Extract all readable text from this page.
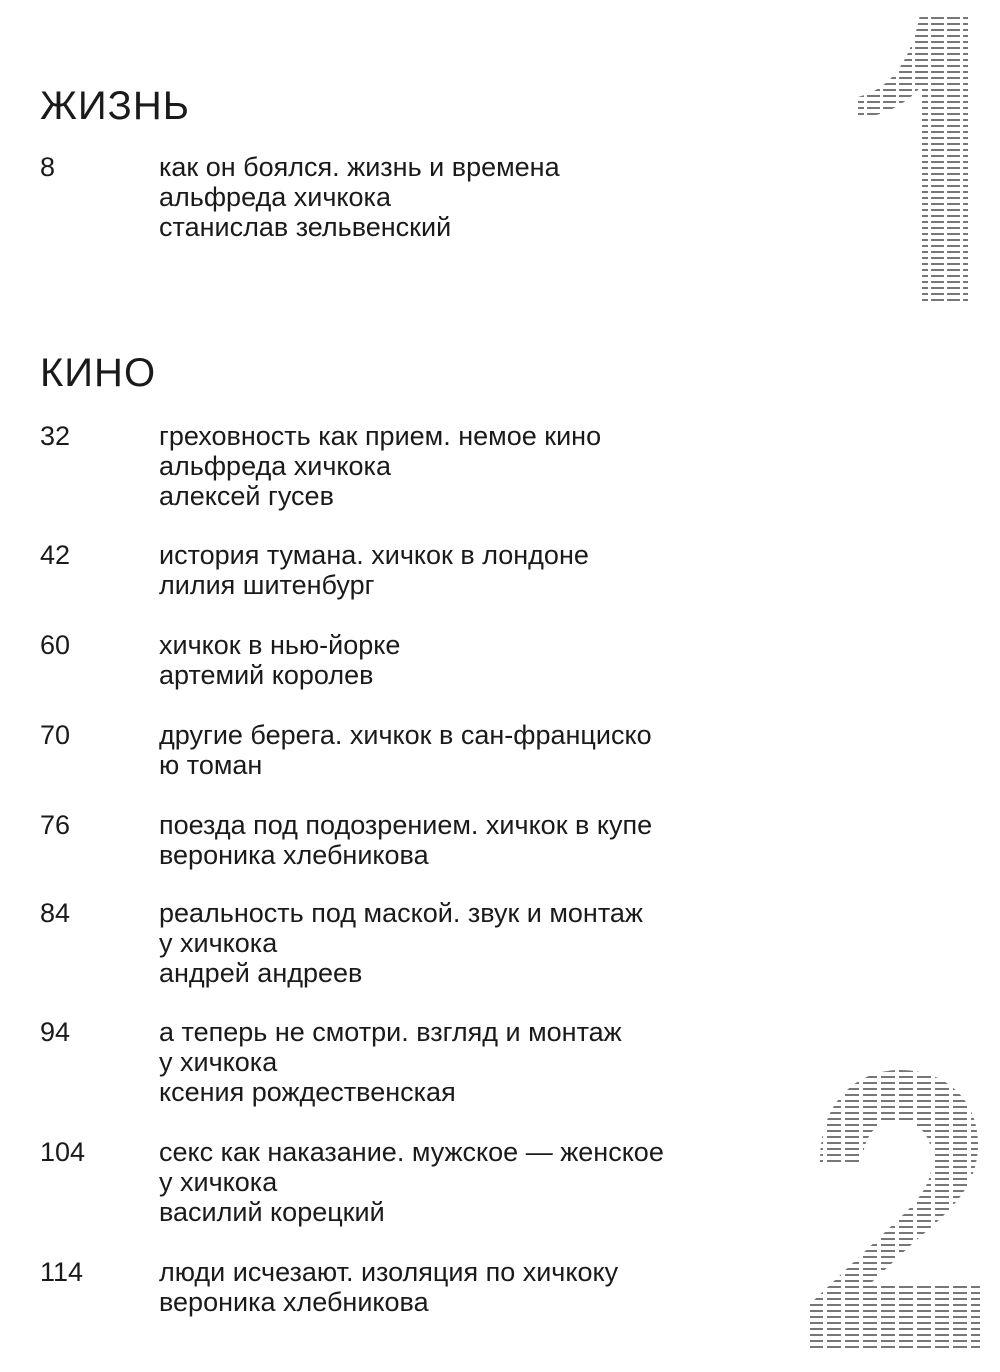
ЖИЗНЬ
8	как он боялся. жизнь и времена
альфреда хичкока
станислав зельвенский
КИНО
32	греховность как прием. немое кино
альфреда хичкока
алексей гусев
42	история тумана. хичкок в лондоне
лилия шитенбург
60	хичкок в нью-йорке
артемий королев
70	другие берега. хичкок в сан-франциско
ю томан
76	поезда под подозрением. хичкок в купе
вероника хлебникова
84	реальность под маской. звук и монтаж
у хичкока
андрей андреев
94	а теперь не смотри. взгляд и монтаж
у хичкока
ксения рождественская
104	секс как наказание. мужское — женское
у хичкока
василий корецкий
114	люди исчезают. изоляция по хичкоку
вероника хлебникова
